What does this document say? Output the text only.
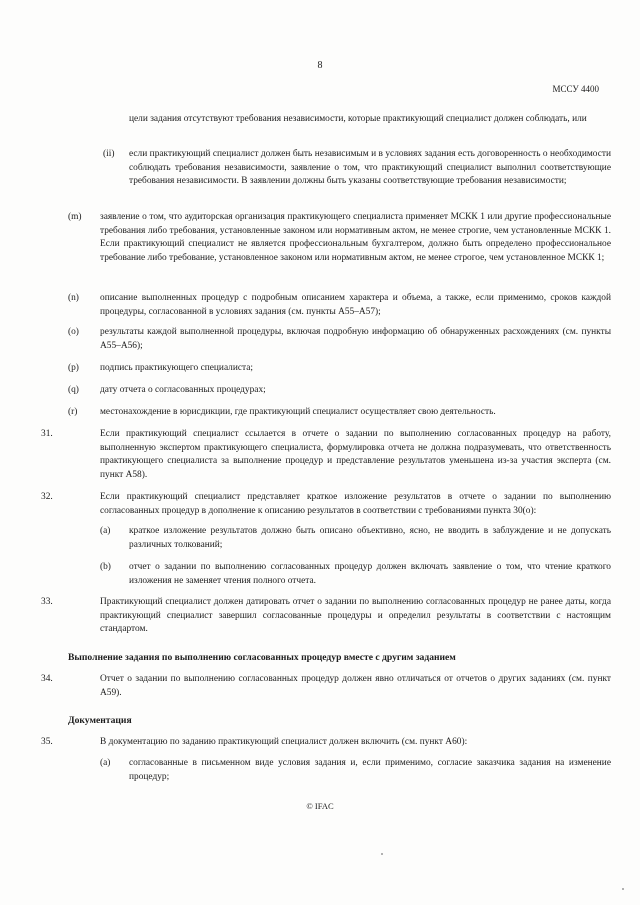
8
МССУ 4400
цели задания отсутствуют требования независимости, которые практикующий специалист должен соблюдать, или
(ii) если практикующий специалист должен быть независимым и в условиях задания есть договоренность о необходимости соблюдать требования независимости, заявление о том, что практикующий специалист выполнил соответствующие требования независимости. В заявлении должны быть указаны соответствующие требования независимости;
(m) заявление о том, что аудиторская организация практикующего специалиста применяет МСКК 1 или другие профессиональные требования либо требования, установленные законом или нормативным актом, не менее строгие, чем установленные МСКК 1. Если практикующий специалист не является профессиональным бухгалтером, должно быть определено профессиональное требование либо требование, установленное законом или нормативным актом, не менее строгое, чем установленное МСКК 1;
(n) описание выполненных процедур с подробным описанием характера и объема, а также, если применимо, сроков каждой процедуры, согласованной в условиях задания (см. пункты А55–А57);
(o) результаты каждой выполненной процедуры, включая подробную информацию об обнаруженных расхождениях (см. пункты А55–А56);
(p) подпись практикующего специалиста;
(q) дату отчета о согласованных процедурах;
(r) местонахождение в юрисдикции, где практикующий специалист осуществляет свою деятельность.
31.	Если практикующий специалист ссылается в отчете о задании по выполнению согласованных процедур на работу, выполненную экспертом практикующего специалиста, формулировка отчета не должна подразумевать, что ответственность практикующего специалиста за выполнение процедур и представление результатов уменьшена из-за участия эксперта (см. пункт А58).
32.	Если практикующий специалист представляет краткое изложение результатов в отчете о задании по выполнению согласованных процедур в дополнение к описанию результатов в соответствии с требованиями пункта 30(о):
(a) краткое изложение результатов должно быть описано объективно, ясно, не вводить в заблуждение и не допускать различных толкований;
(b) отчет о задании по выполнению согласованных процедур должен включать заявление о том, что чтение краткого изложения не заменяет чтения полного отчета.
33.	Практикующий специалист должен датировать отчет о задании по выполнению согласованных процедур не ранее даты, когда практикующий специалист завершил согласованные процедуры и определил результаты в соответствии с настоящим стандартом.
Выполнение задания по выполнению согласованных процедур вместе с другим заданием
34.	Отчет о задании по выполнению согласованных процедур должен явно отличаться от отчетов о других заданиях (см. пункт А59).
Документация
35.	В документацию по заданию практикующий специалист должен включить (см. пункт А60):
(a) согласованные в письменном виде условия задания и, если применимо, согласие заказчика задания на изменение процедур;
© IFAC
